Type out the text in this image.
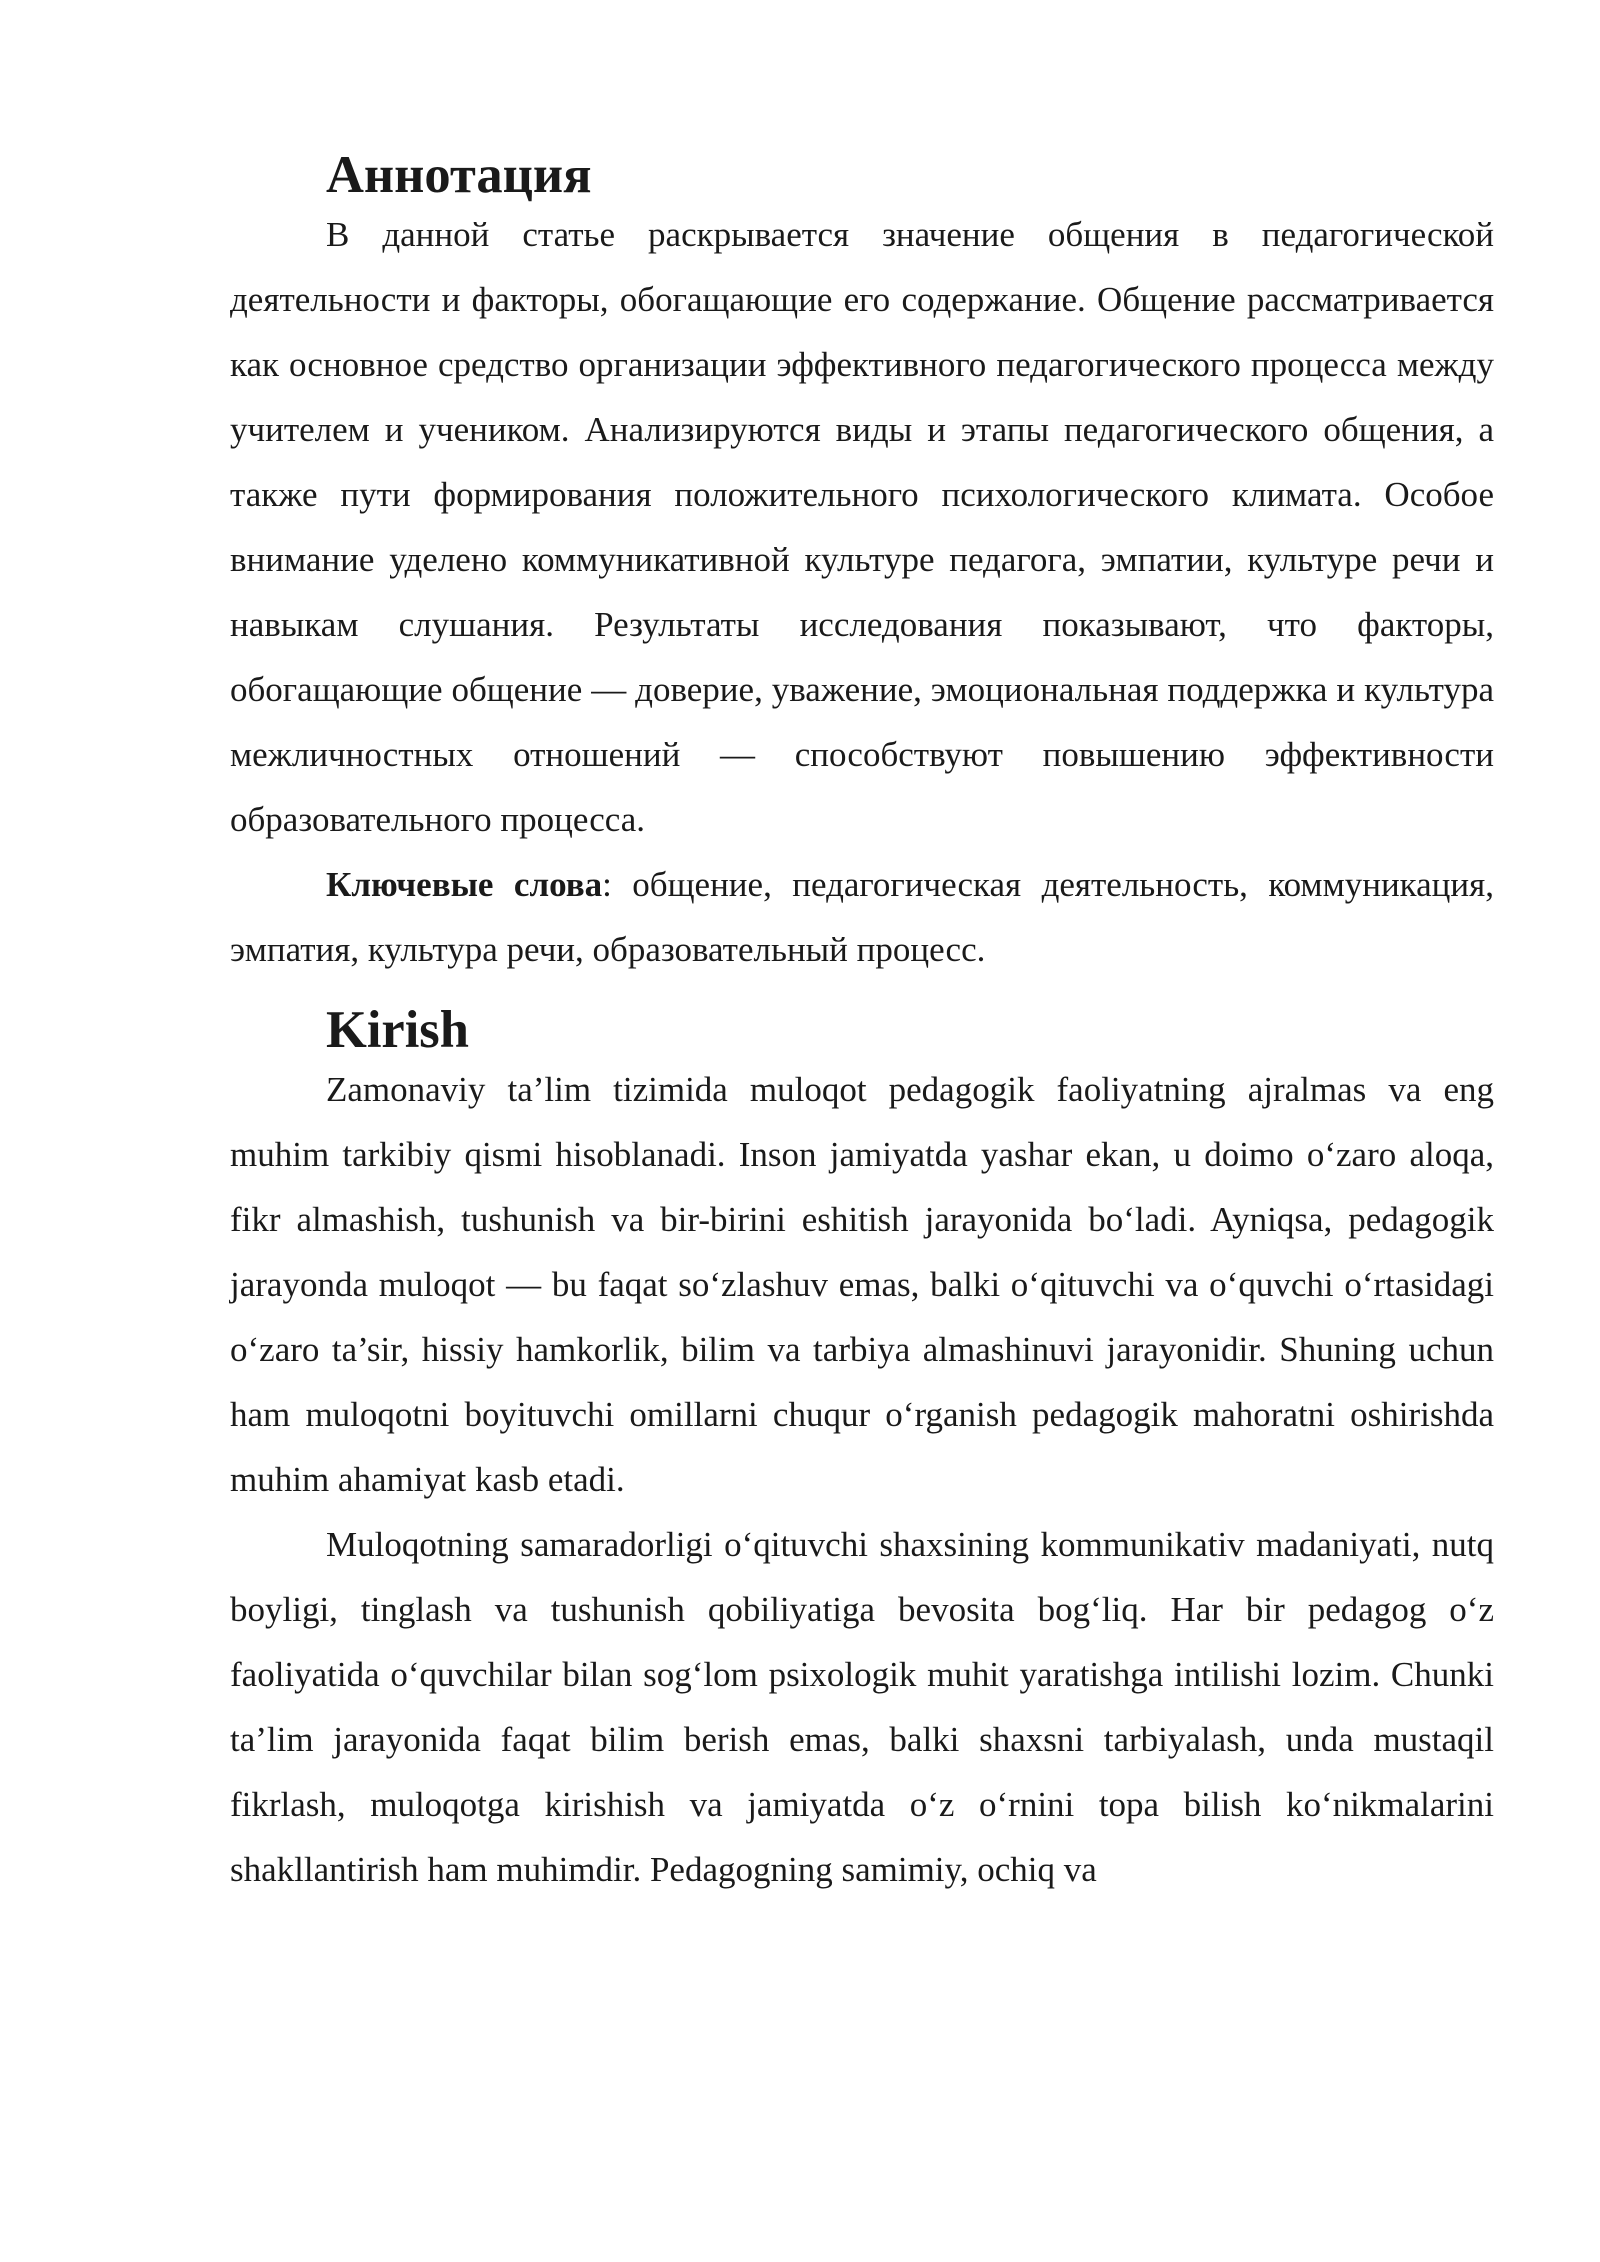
Аннотация

В данной статье раскрывается значение общения в педагогической деятельности и факторы, обогащающие его содержание. Общение рассматривается как основное средство организации эффективного педагогического процесса между учителем и учеником. Анализируются виды и этапы педагогического общения, а также пути формирования положительного психологического климата. Особое внимание уделено коммуникативной культуре педагога, эмпатии, культуре речи и навыкам слушания. Результаты исследования показывают, что факторы, обогащающие общение — доверие, уважение, эмоциональная поддержка и культура межличностных отношений — способствуют повышению эффективности образовательного процесса.

Ключевые слова: общение, педагогическая деятельность, коммуникация, эмпатия, культура речи, образовательный процесс.

Kirish

Zamonaviy ta’lim tizimida muloqot pedagogik faoliyatning ajralmas va eng muhim tarkibiy qismi hisoblanadi. Inson jamiyatda yashar ekan, u doimo o‘zaro aloqa, fikr almashish, tushunish va bir-birini eshitish jarayonida bo‘ladi. Ayniqsa, pedagogik jarayonda muloqot — bu faqat so‘zlashuv emas, balki o‘qituvchi va o‘quvchi o‘rtasidagi o‘zaro ta’sir, hissiy hamkorlik, bilim va tarbiya almashinuvi jarayonidir. Shuning uchun ham muloqotni boyituvchi omillarni chuqur o‘rganish pedagogik mahoratni oshirishda muhim ahamiyat kasb etadi.

Muloqotning samaradorligi o‘qituvchi shaxsining kommunikativ madaniyati, nutq boyligi, tinglash va tushunish qobiliyatiga bevosita bog‘liq. Har bir pedagog o‘z faoliyatida o‘quvchilar bilan sog‘lom psixologik muhit yaratishga intilishi lozim. Chunki ta’lim jarayonida faqat bilim berish emas, balki shaxsni tarbiyalash, unda mustaqil fikrlash, muloqotga kirishish va jamiyatda o‘z o‘rnini topa bilish ko‘nikmalarini shakllantirish ham muhimdir. Pedagogning samimiy, ochiq va
